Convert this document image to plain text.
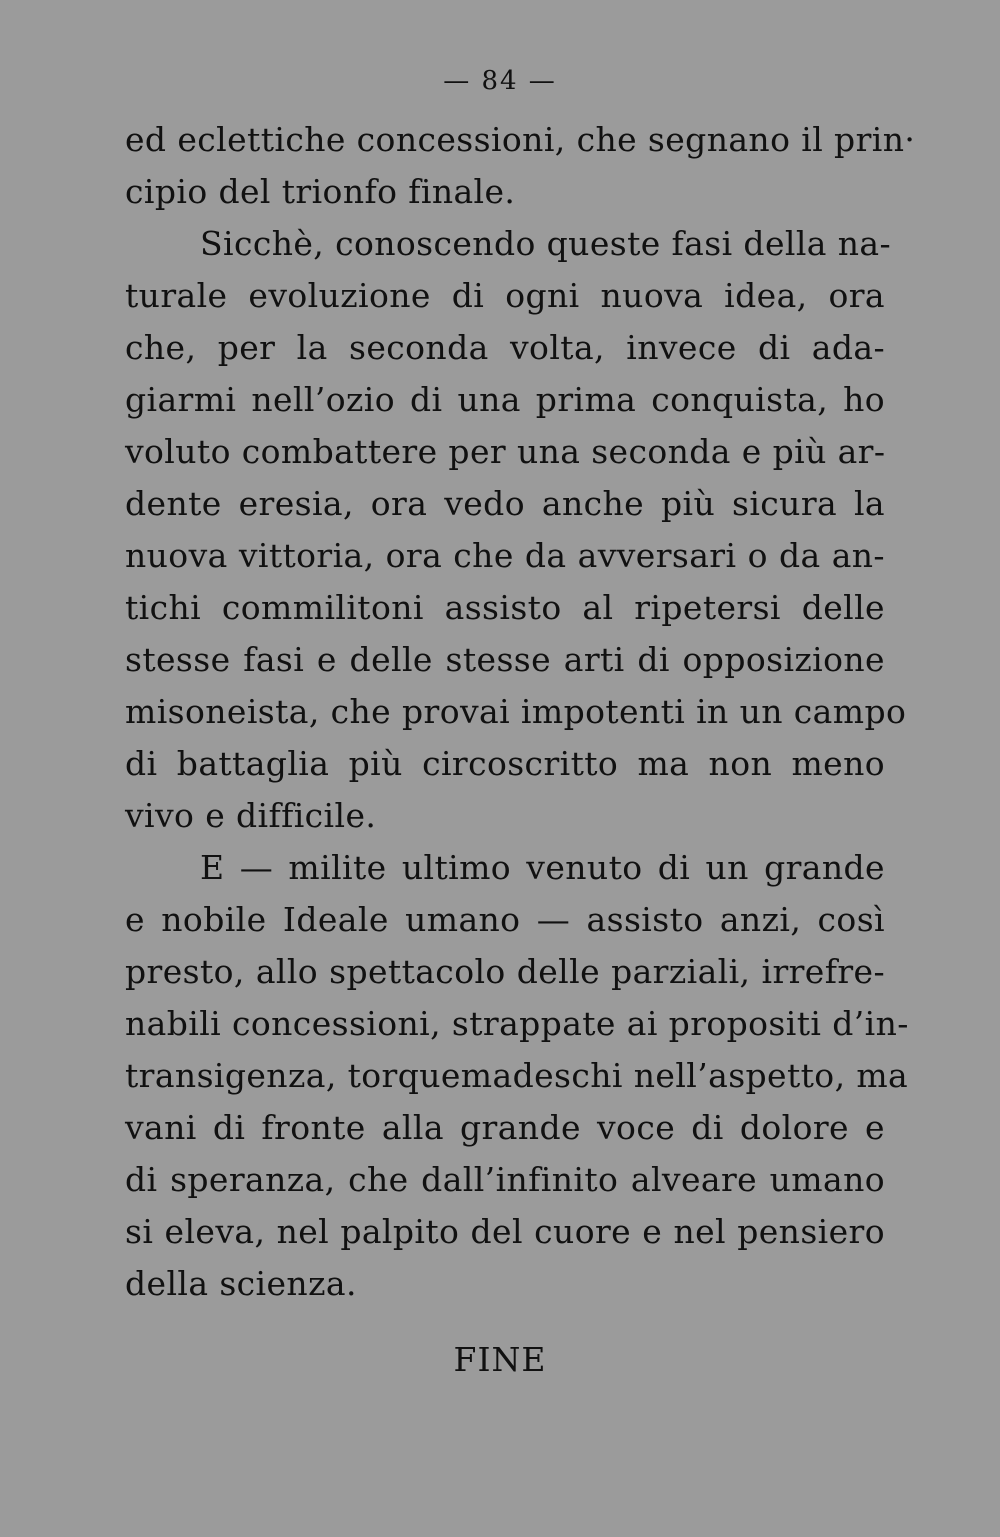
— 84 —
ed eclettiche concessioni, che segnano il prin·
cipio del trionfo finale.
Sicchè, conoscendo queste fasi della na-
turale evoluzione di ogni nuova idea, ora
che, per la seconda volta, invece di ada-
giarmi nell’ozio di una prima conquista, ho
voluto combattere per una seconda e più ar-
dente eresia, ora vedo anche più sicura la
nuova vittoria, ora che da avversari o da an-
tichi commilitoni assisto al ripetersi delle
stesse fasi e delle stesse arti di opposizione
misoneista, che provai impotenti in un campo
di battaglia più circoscritto ma non meno
vivo e difficile.
E — milite ultimo venuto di un grande
e nobile Ideale umano — assisto anzi, così
presto, allo spettacolo delle parziali, irrefre-
nabili concessioni, strappate ai propositi d’in-
transigenza, torquemadeschi nell’aspetto, ma
vani di fronte alla grande voce di dolore e
di speranza, che dall’infinito alveare umano
si eleva, nel palpito del cuore e nel pensiero
della scienza.
FINE
